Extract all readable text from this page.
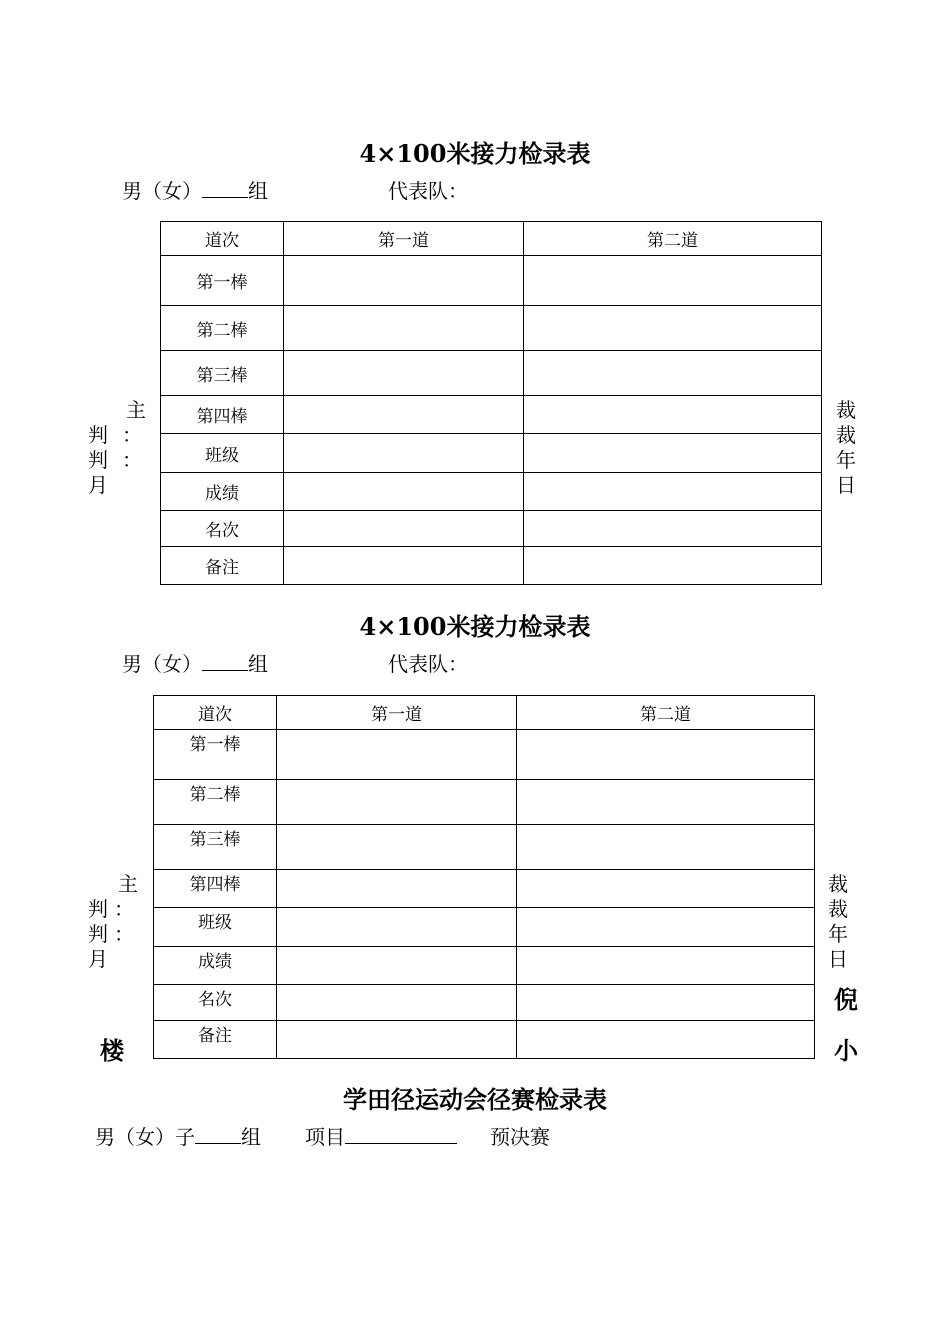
4×100米接力检录表
男（女） 组	代表队：
道次	第一道	第二道
第一棒		
第二棒		
第三棒		
第四棒		
班级		
成绩		
名次		
备注		
主
判 ：
判 ：
月
裁
裁
年
日
4×100米接力检录表
男（女） 组	代表队：
道次	第一道	第二道
第一棒		
第二棒		
第三棒		
第四棒		
班级		
成绩		
名次		
备注		
主
判 ：
判 ：
月
楼
裁
裁
年
日
倪
小
学田径运动会径赛检录表
男（女）子 组 项目	预决赛
